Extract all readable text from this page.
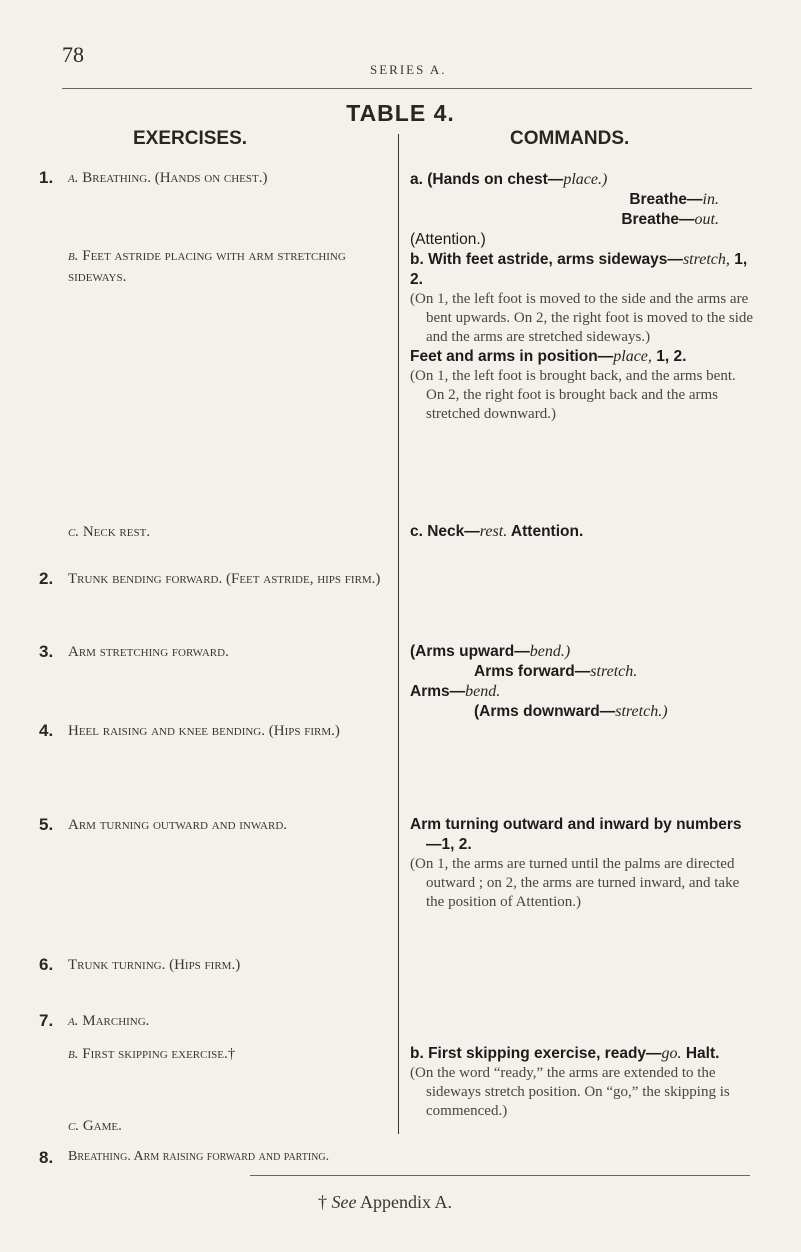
78
SERIES A.
TABLE 4.
EXERCISES.	COMMANDS.
1. a. Breathing. (Hands on chest.)
b. Feet astride placing with arm stretching sideways.
c. Neck rest.
2. Trunk bending forward. (Feet astride, hips firm.)
3. Arm stretching forward.
4. Heel raising and knee bending. (Hips firm.)
5. Arm turning outward and inward.
6. Trunk turning. (Hips firm.)
7. a. Marching.
b. First skipping exercise.†
c. Game.
8. Breathing. Arm raising forward and parting.
a. (Hands on chest—place.)
Breathe—in.
Breathe—out.
(Attention.)
b. With feet astride, arms sideways—stretch, 1, 2.
(On 1, the left foot is moved to the side and the arms are bent upwards. On 2, the right foot is moved to the side and the arms are stretched sideways.)
Feet and arms in position—place, 1, 2.
(On 1, the left foot is brought back, and the arms bent. On 2, the right foot is brought back and the arms stretched downward.)
c. Neck—rest. Attention.
(Arms upward—bend.)
Arms forward—stretch.
Arms—bend.
(Arms downward—stretch.)
Arm turning outward and inward by numbers—1, 2.
(On 1, the arms are turned until the palms are directed outward ; on 2, the arms are turned inward, and take the position of Attention.)
b. First skipping exercise, ready—go. Halt.
(On the word “ready,” the arms are extended to the sideways stretch position. On “go,” the skipping is commenced.)
† See Appendix A.
